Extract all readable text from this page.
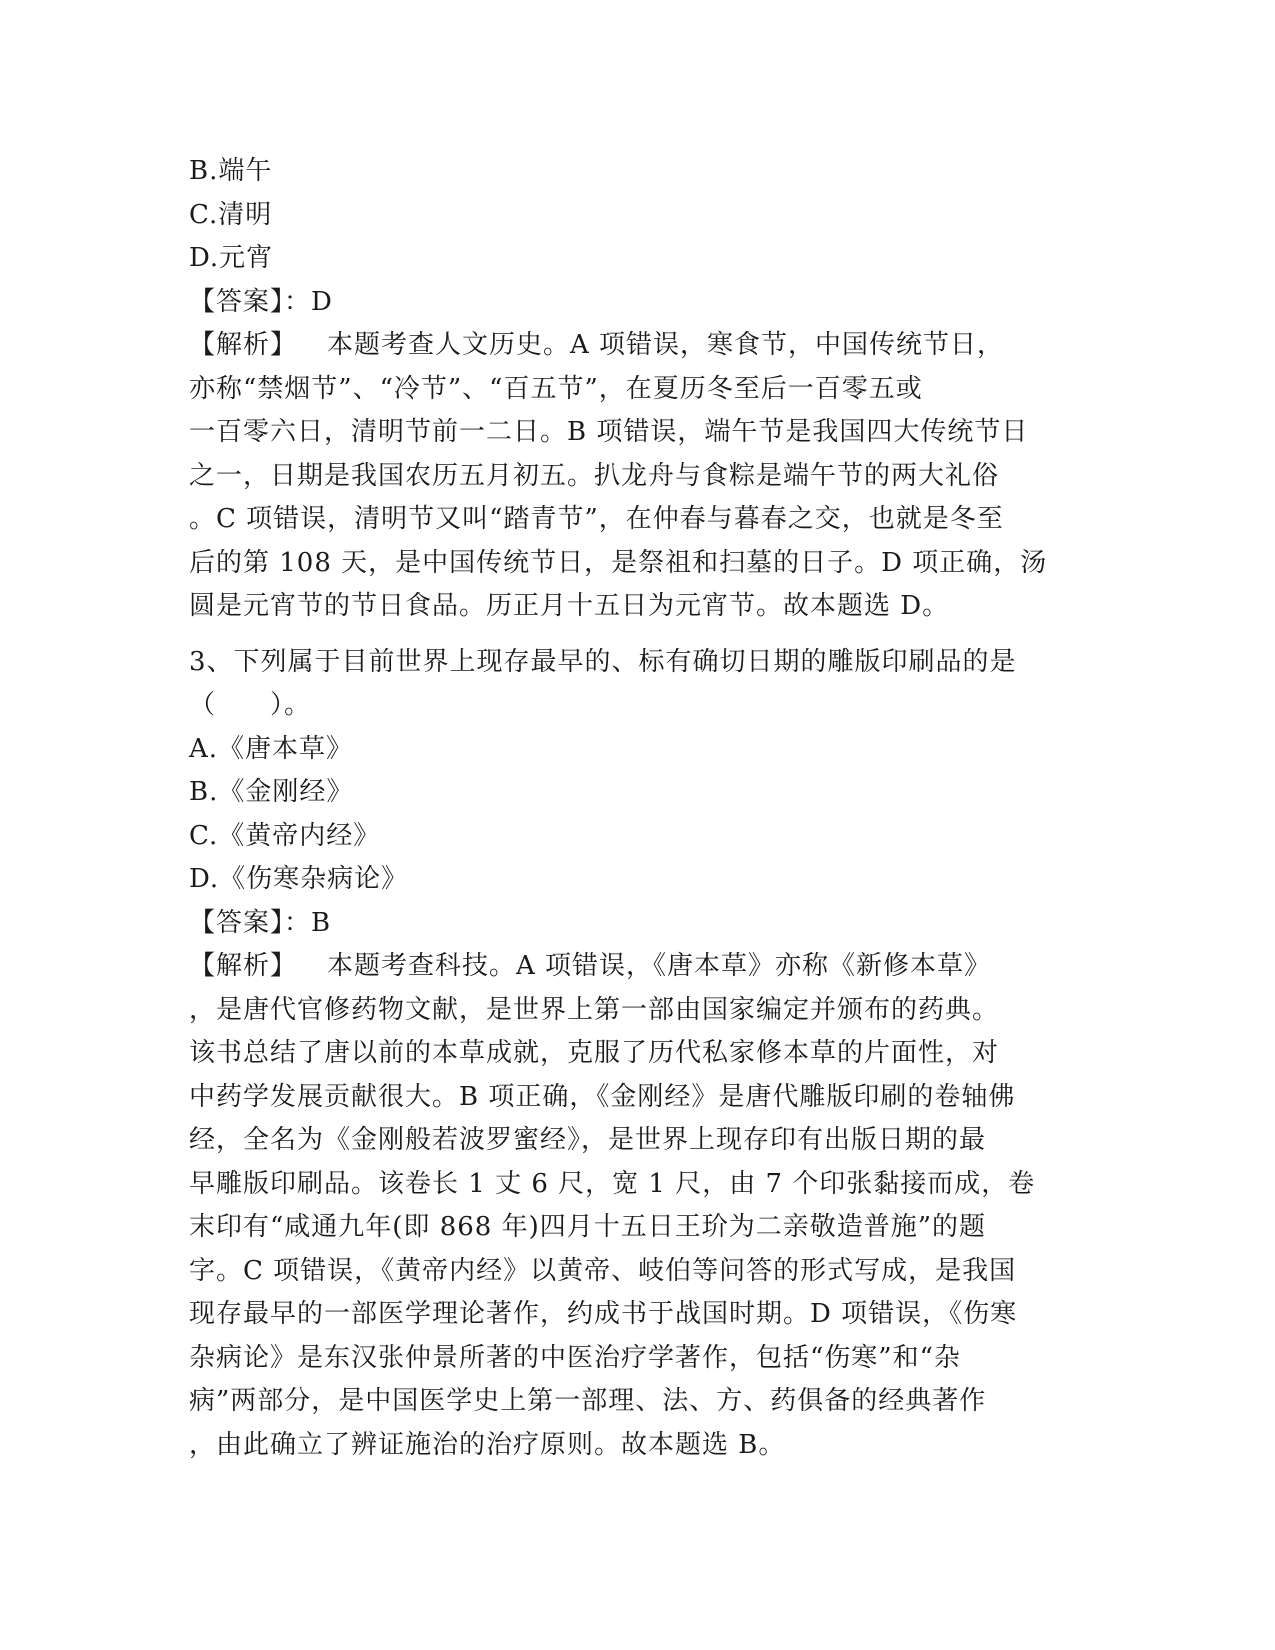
B.端午
C.清明
D.元宵
【答案】：D
【解析】 本题考查人文历史。A 项错误，寒食节，中国传统节日，
亦称“禁烟节”、“冷节”、“百五节”，在夏历冬至后一百零五或
一百零六日，清明节前一二日。B 项错误，端午节是我国四大传统节日
之一，日期是我国农历五月初五。扒龙舟与食粽是端午节的两大礼俗
。C 项错误，清明节又叫“踏青节”，在仲春与暮春之交，也就是冬至
后的第 108 天，是中国传统节日，是祭祖和扫墓的日子。D 项正确，汤
圆是元宵节的节日食品。历正月十五日为元宵节。故本题选 D。
3、下列属于目前世界上现存最早的、标有确切日期的雕版印刷品的是
（　　）。
A.《唐本草》
B.《金刚经》
C.《黄帝内经》
D.《伤寒杂病论》
【答案】：B
【解析】 本题考查科技。A 项错误，《唐本草》亦称《新修本草》
，是唐代官修药物文献，是世界上第一部由国家编定并颁布的药典。
该书总结了唐以前的本草成就，克服了历代私家修本草的片面性，对
中药学发展贡献很大。B 项正确，《金刚经》是唐代雕版印刷的卷轴佛
经，全名为《金刚般若波罗蜜经》，是世界上现存印有出版日期的最
早雕版印刷品。该卷长 1 丈 6 尺，宽 1 尺，由 7 个印张黏接而成，卷
末印有“咸通九年(即 868 年)四月十五日王玠为二亲敬造普施”的题
字。C 项错误，《黄帝内经》以黄帝、岐伯等问答的形式写成，是我国
现存最早的一部医学理论著作，约成书于战国时期。D 项错误，《伤寒
杂病论》是东汉张仲景所著的中医治疗学著作，包括“伤寒”和“杂
病”两部分，是中国医学史上第一部理、法、方、药俱备的经典著作
，由此确立了辨证施治的治疗原则。故本题选 B。
